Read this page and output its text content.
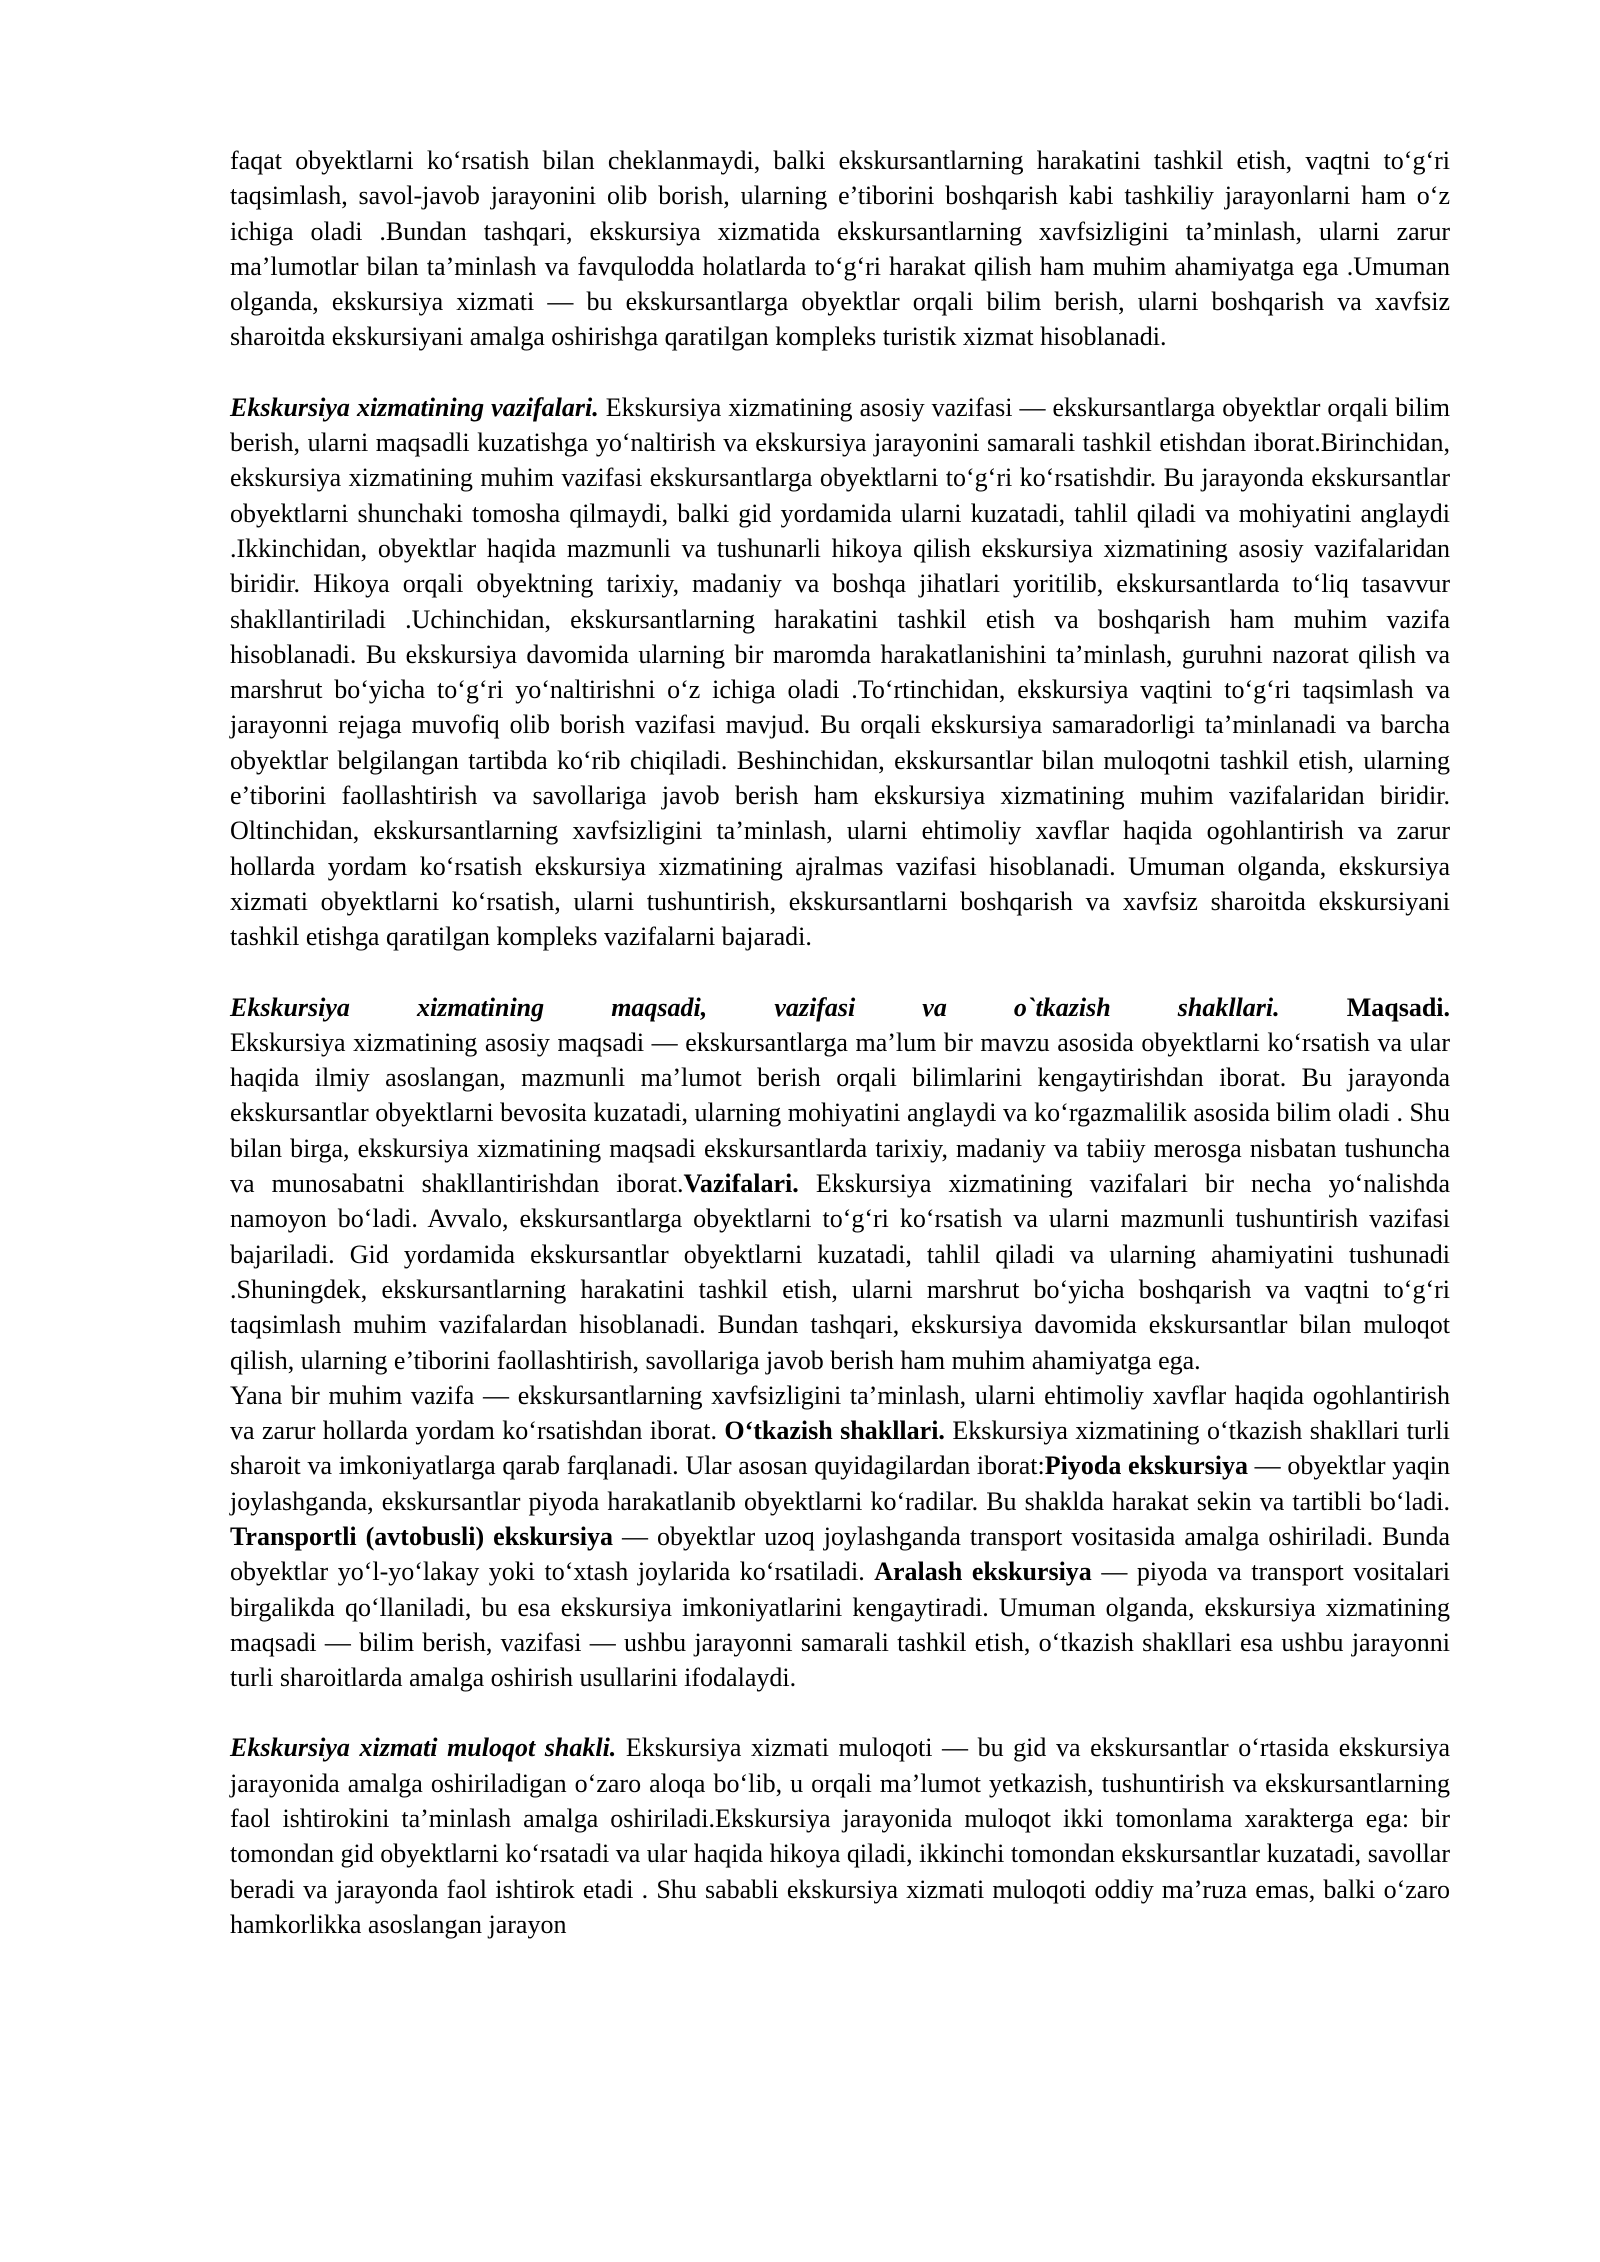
faqat obyektlarni ko‘rsatish bilan cheklanmaydi, balki ekskursantlarning harakatini tashkil etish, vaqtni to‘g‘ri taqsimlash, savol-javob jarayonini olib borish, ularning e’tiborini boshqarish kabi tashkiliy jarayonlarni ham o‘z ichiga oladi .Bundan tashqari, ekskursiya xizmatida ekskursantlarning xavfsizligini ta’minlash, ularni zarur ma’lumotlar bilan ta’minlash va favqulodda holatlarda to‘g‘ri harakat qilish ham muhim ahamiyatga ega .Umuman olganda, ekskursiya xizmati — bu ekskursantlarga obyektlar orqali bilim berish, ularni boshqarish va xavfsiz sharoitda ekskursiyani amalga oshirishga qaratilgan kompleks turistik xizmat hisoblanadi.

Ekskursiya xizmatining vazifalari. Ekskursiya xizmatining asosiy vazifasi — ekskursantlarga obyektlar orqali bilim berish, ularni maqsadli kuzatishga yo‘naltirish va ekskursiya jarayonini samarali tashkil etishdan iborat.Birinchidan, ekskursiya xizmatining muhim vazifasi ekskursantlarga obyektlarni to‘g‘ri ko‘rsatishdir. Bu jarayonda ekskursantlar obyektlarni shunchaki tomosha qilmaydi, balki gid yordamida ularni kuzatadi, tahlil qiladi va mohiyatini anglaydi .Ikkinchidan, obyektlar haqida mazmunli va tushunarli hikoya qilish ekskursiya xizmatining asosiy vazifalaridan biridir. Hikoya orqali obyektning tarixiy, madaniy va boshqa jihatlari yoritilib, ekskursantlarda to‘liq tasavvur shakllantiriladi .Uchinchidan, ekskursantlarning harakatini tashkil etish va boshqarish ham muhim vazifa hisoblanadi. Bu ekskursiya davomida ularning bir maromda harakatlanishini ta’minlash, guruhni nazorat qilish va marshrut bo‘yicha to‘g‘ri yo‘naltirishni o‘z ichiga oladi .To‘rtinchidan, ekskursiya vaqtini to‘g‘ri taqsimlash va jarayonni rejaga muvofiq olib borish vazifasi mavjud. Bu orqali ekskursiya samaradorligi ta’minlanadi va barcha obyektlar belgilangan tartibda ko‘rib chiqiladi. Beshinchidan, ekskursantlar bilan muloqotni tashkil etish, ularning e’tiborini faollashtirish va savollariga javob berish ham ekskursiya xizmatining muhim vazifalaridan biridir. Oltinchidan, ekskursantlarning xavfsizligini ta’minlash, ularni ehtimoliy xavflar haqida ogohlantirish va zarur hollarda yordam ko‘rsatish ekskursiya xizmatining ajralmas vazifasi hisoblanadi. Umuman olganda, ekskursiya xizmati obyektlarni ko‘rsatish, ularni tushuntirish, ekskursantlarni boshqarish va xavfsiz sharoitda ekskursiyani tashkil etishga qaratilgan kompleks vazifalarni bajaradi.

Ekskursiya xizmatining maqsadi, vazifasi va o`tkazish shakllari.	Maqsadi.

Ekskursiya xizmatining asosiy maqsadi — ekskursantlarga ma’lum bir mavzu asosida obyektlarni ko‘rsatish va ular haqida ilmiy asoslangan, mazmunli ma’lumot berish orqali bilimlarini kengaytirishdan iborat. Bu jarayonda ekskursantlar obyektlarni bevosita kuzatadi, ularning mohiyatini anglaydi va ko‘rgazmalilik asosida bilim oladi . Shu bilan birga, ekskursiya xizmatining maqsadi ekskursantlarda tarixiy, madaniy va tabiiy merosga nisbatan tushuncha va munosabatni shakllantirishdan iborat.Vazifalari. Ekskursiya xizmatining vazifalari bir necha yo‘nalishda namoyon bo‘ladi. Avvalo, ekskursantlarga obyektlarni to‘g‘ri ko‘rsatish va ularni mazmunli tushuntirish vazifasi bajariladi. Gid yordamida ekskursantlar obyektlarni kuzatadi, tahlil qiladi va ularning ahamiyatini tushunadi .Shuningdek, ekskursantlarning harakatini tashkil etish, ularni marshrut bo‘yicha boshqarish va vaqtni to‘g‘ri taqsimlash muhim vazifalardan hisoblanadi. Bundan tashqari, ekskursiya davomida ekskursantlar bilan muloqot qilish, ularning e’tiborini faollashtirish, savollariga javob berish ham muhim ahamiyatga ega.

Yana bir muhim vazifa — ekskursantlarning xavfsizligini ta’minlash, ularni ehtimoliy xavflar haqida ogohlantirish va zarur hollarda yordam ko‘rsatishdan iborat. O‘tkazish shakllari. Ekskursiya xizmatining o‘tkazish shakllari turli sharoit va imkoniyatlarga qarab farqlanadi. Ular asosan quyidagilardan iborat:Piyoda ekskursiya — obyektlar yaqin joylashganda, ekskursantlar piyoda harakatlanib obyektlarni ko‘radilar. Bu shaklda harakat sekin va tartibli bo‘ladi. Transportli (avtobusli) ekskursiya — obyektlar uzoq joylashganda transport vositasida amalga oshiriladi. Bunda obyektlar yo‘l-yo‘lakay yoki to‘xtash joylarida ko‘rsatiladi. Aralash ekskursiya — piyoda va transport vositalari birgalikda qo‘llaniladi, bu esa ekskursiya imkoniyatlarini kengaytiradi. Umuman olganda, ekskursiya xizmatining maqsadi — bilim berish, vazifasi — ushbu jarayonni samarali tashkil etish, o‘tkazish shakllari esa ushbu jarayonni turli sharoitlarda amalga oshirish usullarini ifodalaydi.

Ekskursiya xizmati muloqot shakli. Ekskursiya xizmati muloqoti — bu gid va ekskursantlar o‘rtasida ekskursiya jarayonida amalga oshiriladigan o‘zaro aloqa bo‘lib, u orqali ma’lumot yetkazish, tushuntirish va ekskursantlarning faol ishtirokini ta’minlash amalga oshiriladi.Ekskursiya jarayonida muloqot ikki tomonlama xarakterga ega: bir tomondan gid obyektlarni ko‘rsatadi va ular haqida hikoya qiladi, ikkinchi tomondan ekskursantlar kuzatadi, savollar beradi va jarayonda faol ishtirok etadi . Shu sababli ekskursiya xizmati muloqoti oddiy ma’ruza emas, balki o‘zaro hamkorlikka asoslangan jarayon
